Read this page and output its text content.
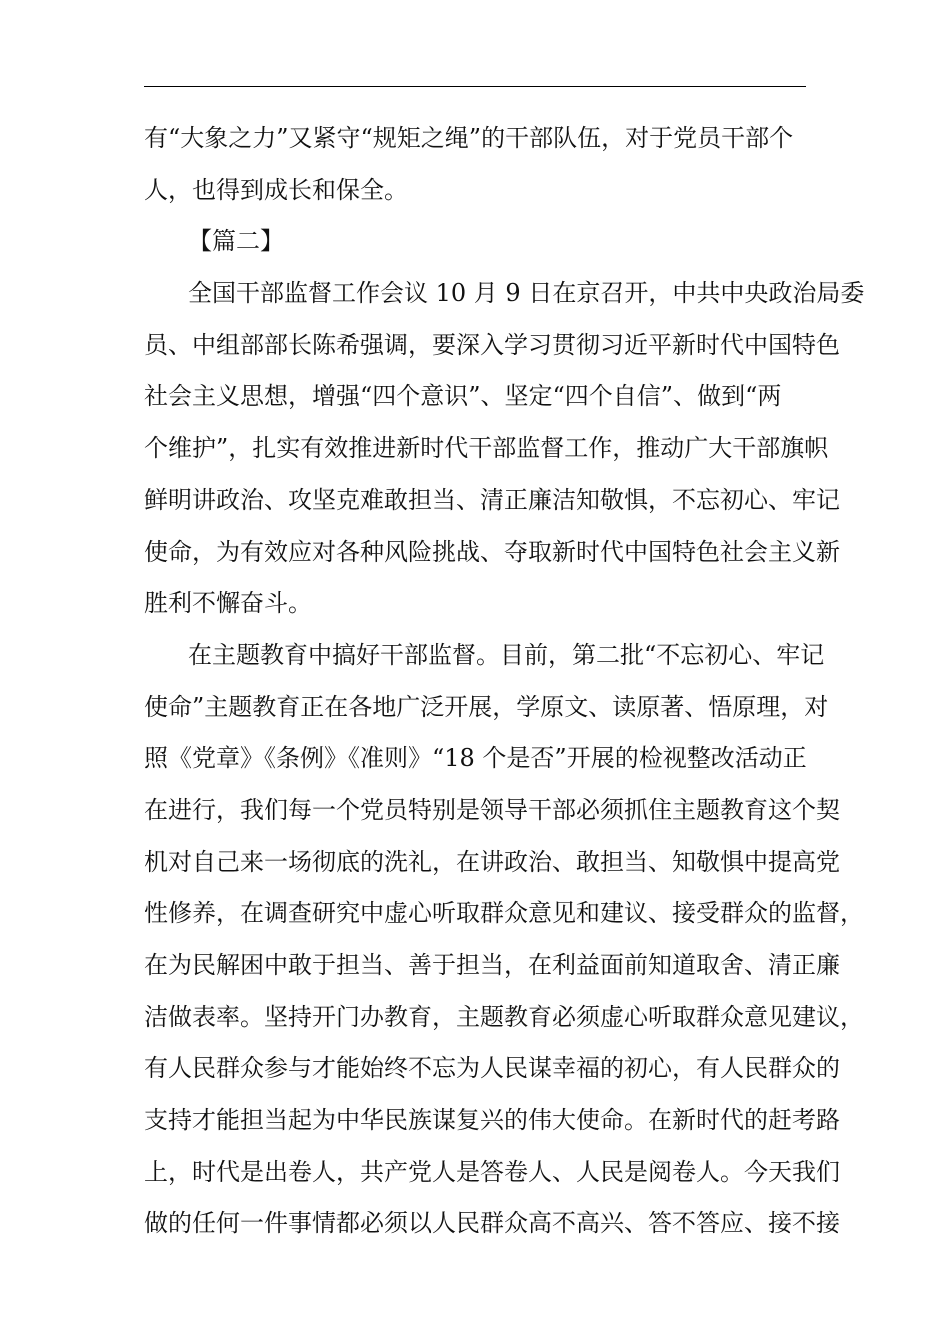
有“大象之力”又紧守“规矩之绳”的干部队伍，对于党员干部个
人，也得到成长和保全。
【篇二】
全国干部监督工作会议 10 月 9 日在京召开，中共中央政治局委
员、中组部部长陈希强调，要深入学习贯彻习近平新时代中国特色
社会主义思想，增强“四个意识”、坚定“四个自信”、做到“两
个维护”，扎实有效推进新时代干部监督工作，推动广大干部旗帜
鲜明讲政治、攻坚克难敢担当、清正廉洁知敬惧，不忘初心、牢记
使命，为有效应对各种风险挑战、夺取新时代中国特色社会主义新
胜利不懈奋斗。
在主题教育中搞好干部监督。目前，第二批“不忘初心、牢记
使命”主题教育正在各地广泛开展，学原文、读原著、悟原理，对
照《党章》《条例》《准则》“18 个是否”开展的检视整改活动正
在进行，我们每一个党员特别是领导干部必须抓住主题教育这个契
机对自己来一场彻底的洗礼，在讲政治、敢担当、知敬惧中提高党
性修养，在调查研究中虚心听取群众意见和建议、接受群众的监督，
在为民解困中敢于担当、善于担当，在利益面前知道取舍、清正廉
洁做表率。坚持开门办教育，主题教育必须虚心听取群众意见建议，
有人民群众参与才能始终不忘为人民谋幸福的初心，有人民群众的
支持才能担当起为中华民族谋复兴的伟大使命。在新时代的赶考路
上，时代是出卷人，共产党人是答卷人、人民是阅卷人。今天我们
做的任何一件事情都必须以人民群众高不高兴、答不答应、接不接
